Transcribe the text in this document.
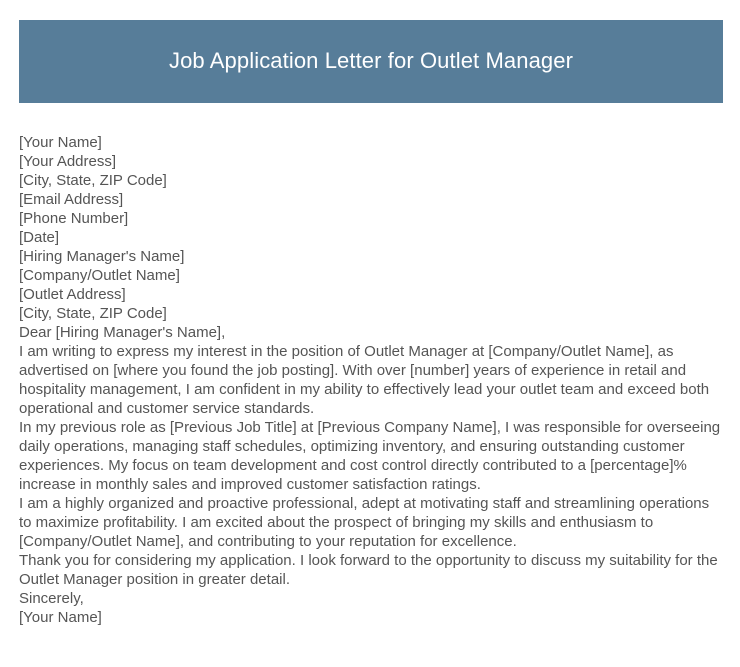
Job Application Letter for Outlet Manager
[Your Name]
[Your Address]
[City, State, ZIP Code]
[Email Address]
[Phone Number]
[Date]
[Hiring Manager's Name]
[Company/Outlet Name]
[Outlet Address]
[City, State, ZIP Code]
Dear [Hiring Manager's Name],

I am writing to express my interest in the position of Outlet Manager at [Company/Outlet Name], as advertised on [where you found the job posting]. With over [number] years of experience in retail and hospitality management, I am confident in my ability to effectively lead your outlet team and exceed both operational and customer service standards.

In my previous role as [Previous Job Title] at [Previous Company Name], I was responsible for overseeing daily operations, managing staff schedules, optimizing inventory, and ensuring outstanding customer experiences. My focus on team development and cost control directly contributed to a [percentage]% increase in monthly sales and improved customer satisfaction ratings.

I am a highly organized and proactive professional, adept at motivating staff and streamlining operations to maximize profitability. I am excited about the prospect of bringing my skills and enthusiasm to [Company/Outlet Name], and contributing to your reputation for excellence.

Thank you for considering my application. I look forward to the opportunity to discuss my suitability for the Outlet Manager position in greater detail.

Sincerely,
[Your Name]
